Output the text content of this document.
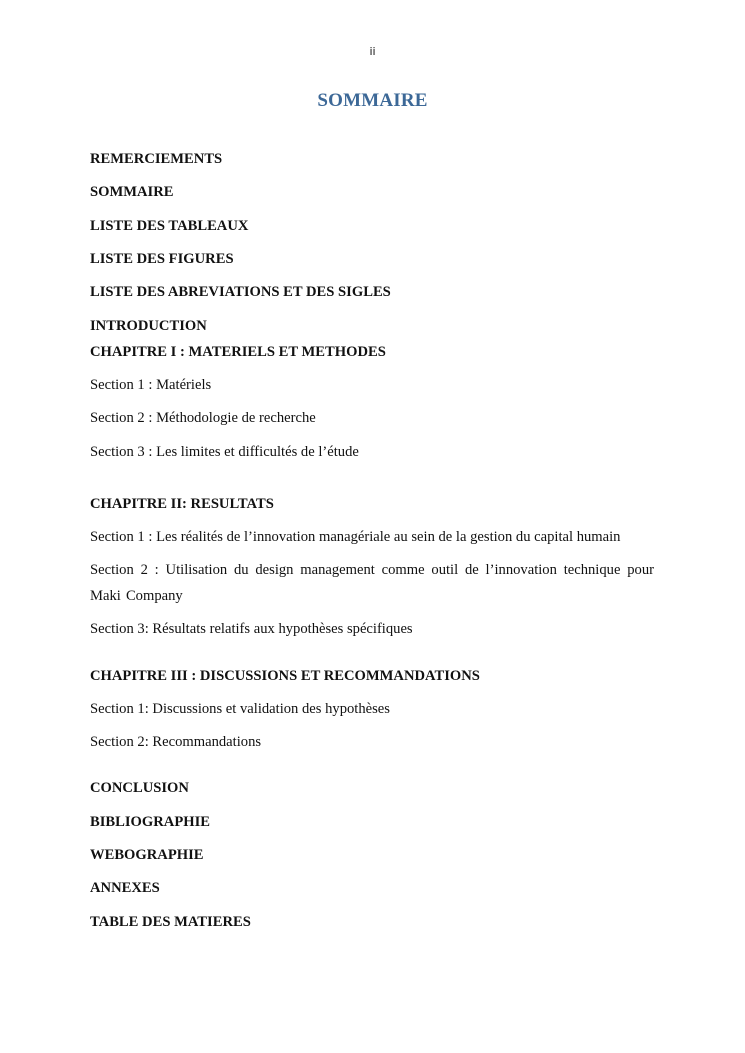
ii
SOMMAIRE
REMERCIEMENTS
SOMMAIRE
LISTE DES TABLEAUX
LISTE DES FIGURES
LISTE DES ABREVIATIONS ET DES SIGLES
INTRODUCTION
CHAPITRE I : MATERIELS ET METHODES
Section 1 : Matériels
Section 2 : Méthodologie de recherche
Section 3 : Les limites et difficultés de l’étude
CHAPITRE II: RESULTATS
Section 1 : Les réalités de l’innovation managériale au sein de la gestion du capital humain
Section 2 : Utilisation du design management comme outil de l’innovation technique pour Maki Company
Section 3: Résultats relatifs aux hypothèses spécifiques
CHAPITRE III : DISCUSSIONS ET RECOMMANDATIONS
Section 1: Discussions et validation des hypothèses
Section 2: Recommandations
CONCLUSION
BIBLIOGRAPHIE
WEBOGRAPHIE
ANNEXES
TABLE DES MATIERES
